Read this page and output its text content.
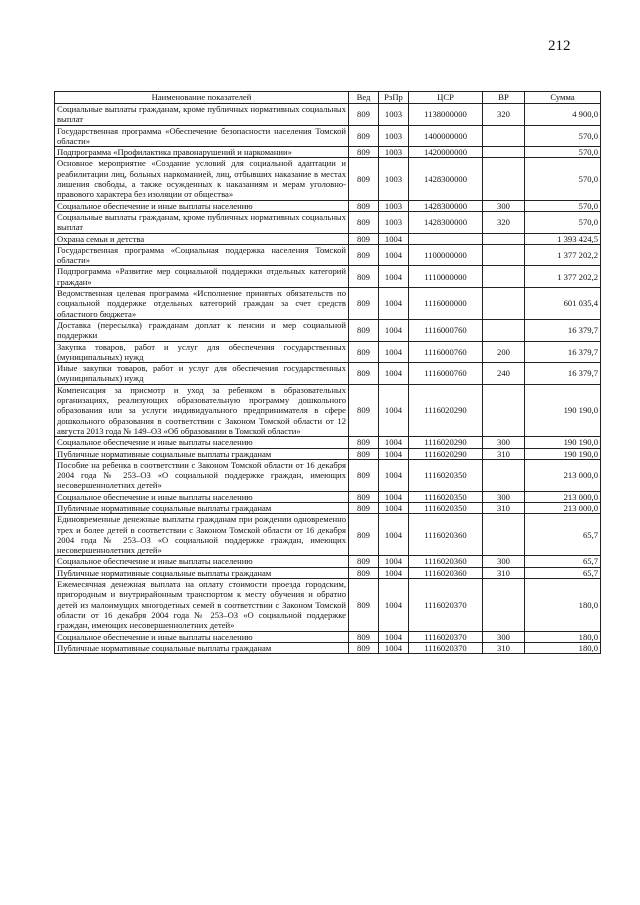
212
Наименование показателей	Вед	РзПр	ЦСР	ВР	Сумма
Социальные выплаты гражданам, кроме публичных нормативных социальных выплат	809	1003	1138000000	320	4 900,0
Государственная программа «Обеспечение безопасности населения Томской области»	809	1003	1400000000		570,0
Подпрограмма «Профилактика правонарушений и наркомании»	809	1003	1420000000		570,0
Основное мероприятие «Создание условий для социальной адаптации и реабилитации лиц, больных наркоманией, лиц, отбывших наказание в местах лишения свободы, а также осужденных к наказаниям и мерам уголовно-правового характера без изоляции от общества»	809	1003	1428300000		570,0
Социальное обеспечение и иные выплаты населению	809	1003	1428300000	300	570,0
Социальные выплаты гражданам, кроме публичных нормативных социальных выплат	809	1003	1428300000	320	570,0
Охрана семьи и детства	809	1004			1 393 424,5
Государственная программа «Социальная поддержка населения Томской области»	809	1004	1100000000		1 377 202,2
Подпрограмма «Развитие мер социальной поддержки отдельных категорий граждан»	809	1004	1110000000		1 377 202,2
Ведомственная целевая программа «Исполнение принятых обязательств по социальной поддержке отдельных категорий граждан за счет средств областного бюджета»	809	1004	1116000000		601 035,4
Доставка (пересылка) гражданам доплат к пенсии и мер социальной поддержки	809	1004	1116000760		16 379,7
Закупка товаров, работ и услуг для обеспечения государственных (муниципальных) нужд	809	1004	1116000760	200	16 379,7
Иные закупки товаров, работ и услуг для обеспечения государственных (муниципальных) нужд	809	1004	1116000760	240	16 379,7
Компенсация за присмотр и уход за ребенком в образовательных организациях, реализующих образовательную программу дошкольного образования или за услуги индивидуального предпринимателя в сфере дошкольного образования в соответствии с Законом Томской области от 12 августа 2013 года № 149–ОЗ «Об образовании в Томской области»	809	1004	1116020290		190 190,0
Социальное обеспечение и иные выплаты населению	809	1004	1116020290	300	190 190,0
Публичные нормативные социальные выплаты гражданам	809	1004	1116020290	310	190 190,0
Пособие на ребенка в соответствии с Законом Томской области от 16 декабря 2004 года № 253–ОЗ «О социальной поддержке граждан, имеющих несовершеннолетних детей»	809	1004	1116020350		213 000,0
Социальное обеспечение и иные выплаты населению	809	1004	1116020350	300	213 000,0
Публичные нормативные социальные выплаты гражданам	809	1004	1116020350	310	213 000,0
Единовременные денежные выплаты гражданам при рождении одновременно трех и более детей в соответствии с Законом Томской области от 16 декабря 2004 года № 253–ОЗ «О социальной поддержке граждан, имеющих несовершеннолетних детей»	809	1004	1116020360		65,7
Социальное обеспечение и иные выплаты населению	809	1004	1116020360	300	65,7
Публичные нормативные социальные выплаты гражданам	809	1004	1116020360	310	65,7
Ежемесячная денежная выплата на оплату стоимости проезда городским, пригородным и внутрирайонным транспортом к месту обучения и обратно детей из малоимущих многодетных семей в соответствии с Законом Томской области от 16 декабря 2004 года № 253–ОЗ «О социальной поддержке граждан, имеющих несовершеннолетних детей»	809	1004	1116020370		180,0
Социальное обеспечение и иные выплаты населению	809	1004	1116020370	300	180,0
Публичные нормативные социальные выплаты гражданам	809	1004	1116020370	310	180,0
